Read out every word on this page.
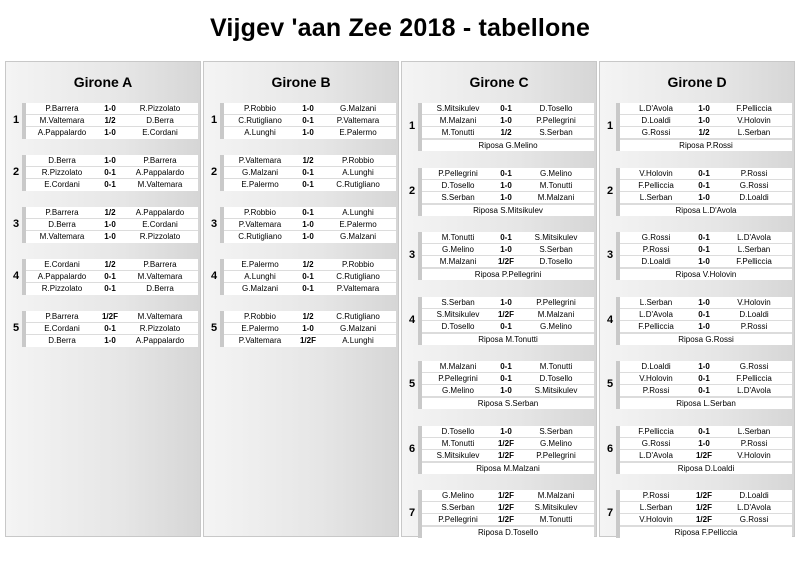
Vijgev 'aan Zee 2018 - tabellone
Girone A
1
P.Barrera	1-0	R.Pizzolato
M.Valtemara	1/2	D.Berra
A.Pappalardo	1-0	E.Cordani
2
D.Berra	1-0	P.Barrera
R.Pizzolato	0-1	A.Pappalardo
E.Cordani	0-1	M.Valtemara
3
P.Barrera	1/2	A.Pappalardo
D.Berra	1-0	E.Cordani
M.Valtemara	1-0	R.Pizzolato
4
E.Cordani	1/2	P.Barrera
A.Pappalardo	0-1	M.Valtemara
R.Pizzolato	0-1	D.Berra
5
P.Barrera	1/2F	M.Valtemara
E.Cordani	0-1	R.Pizzolato
D.Berra	1-0	A.Pappalardo
Girone B
1
P.Robbio	1-0	G.Malzani
C.Rutigliano	0-1	P.Valtemara
A.Lunghi	1-0	E.Palermo
2
P.Valtemara	1/2	P.Robbio
G.Malzani	0-1	A.Lunghi
E.Palermo	0-1	C.Rutigliano
3
P.Robbio	0-1	A.Lunghi
P.Valtemara	1-0	E.Palermo
C.Rutigliano	1-0	G.Malzani
4
E.Palermo	1/2	P.Robbio
A.Lunghi	0-1	C.Rutigliano
G.Malzani	0-1	P.Valtemara
5
P.Robbio	1/2	C.Rutigliano
E.Palermo	1-0	G.Malzani
P.Valtemara	1/2F	A.Lunghi
Girone C
1
S.Mitsikulev	0-1	D.Tosello
M.Malzani	1-0	P.Pellegrini
M.Tonutti	1/2	S.Serban
Riposa G.Melino
2
P.Pellegrini	0-1	G.Melino
D.Tosello	1-0	M.Tonutti
S.Serban	1-0	M.Malzani
Riposa S.Mitsikulev
3
M.Tonutti	0-1	S.Mitsikulev
G.Melino	1-0	S.Serban
M.Malzani	1/2F	D.Tosello
Riposa P.Pellegrini
4
S.Serban	1-0	P.Pellegrini
S.Mitsikulev	1/2F	M.Malzani
D.Tosello	0-1	G.Melino
Riposa M.Tonutti
5
M.Malzani	0-1	M.Tonutti
P.Pellegrini	0-1	D.Tosello
G.Melino	1-0	S.Mitsikulev
Riposa S.Serban
6
D.Tosello	1-0	S.Serban
M.Tonutti	1/2F	G.Melino
S.Mitsikulev	1/2F	P.Pellegrini
Riposa M.Malzani
7
G.Melino	1/2F	M.Malzani
S.Serban	1/2F	S.Mitsikulev
P.Pellegrini	1/2F	M.Tonutti
Riposa D.Tosello
Girone D
1
L.D'Avola	1-0	F.Pelliccia
D.Loaldi	1-0	V.Holovin
G.Rossi	1/2	L.Serban
Riposa P.Rossi
2
V.Holovin	0-1	P.Rossi
F.Pelliccia	0-1	G.Rossi
L.Serban	1-0	D.Loaldi
Riposa L.D'Avola
3
G.Rossi	0-1	L.D'Avola
P.Rossi	0-1	L.Serban
D.Loaldi	1-0	F.Pelliccia
Riposa V.Holovin
4
L.Serban	1-0	V.Holovin
L.D'Avola	0-1	D.Loaldi
F.Pelliccia	1-0	P.Rossi
Riposa G.Rossi
5
D.Loaldi	1-0	G.Rossi
V.Holovin	0-1	F.Pelliccia
P.Rossi	0-1	L.D'Avola
Riposa L.Serban
6
F.Pelliccia	0-1	L.Serban
G.Rossi	1-0	P.Rossi
L.D'Avola	1/2F	V.Holovin
Riposa D.Loaldi
7
P.Rossi	1/2F	D.Loaldi
L.Serban	1/2F	L.D'Avola
V.Holovin	1/2F	G.Rossi
Riposa F.Pelliccia
